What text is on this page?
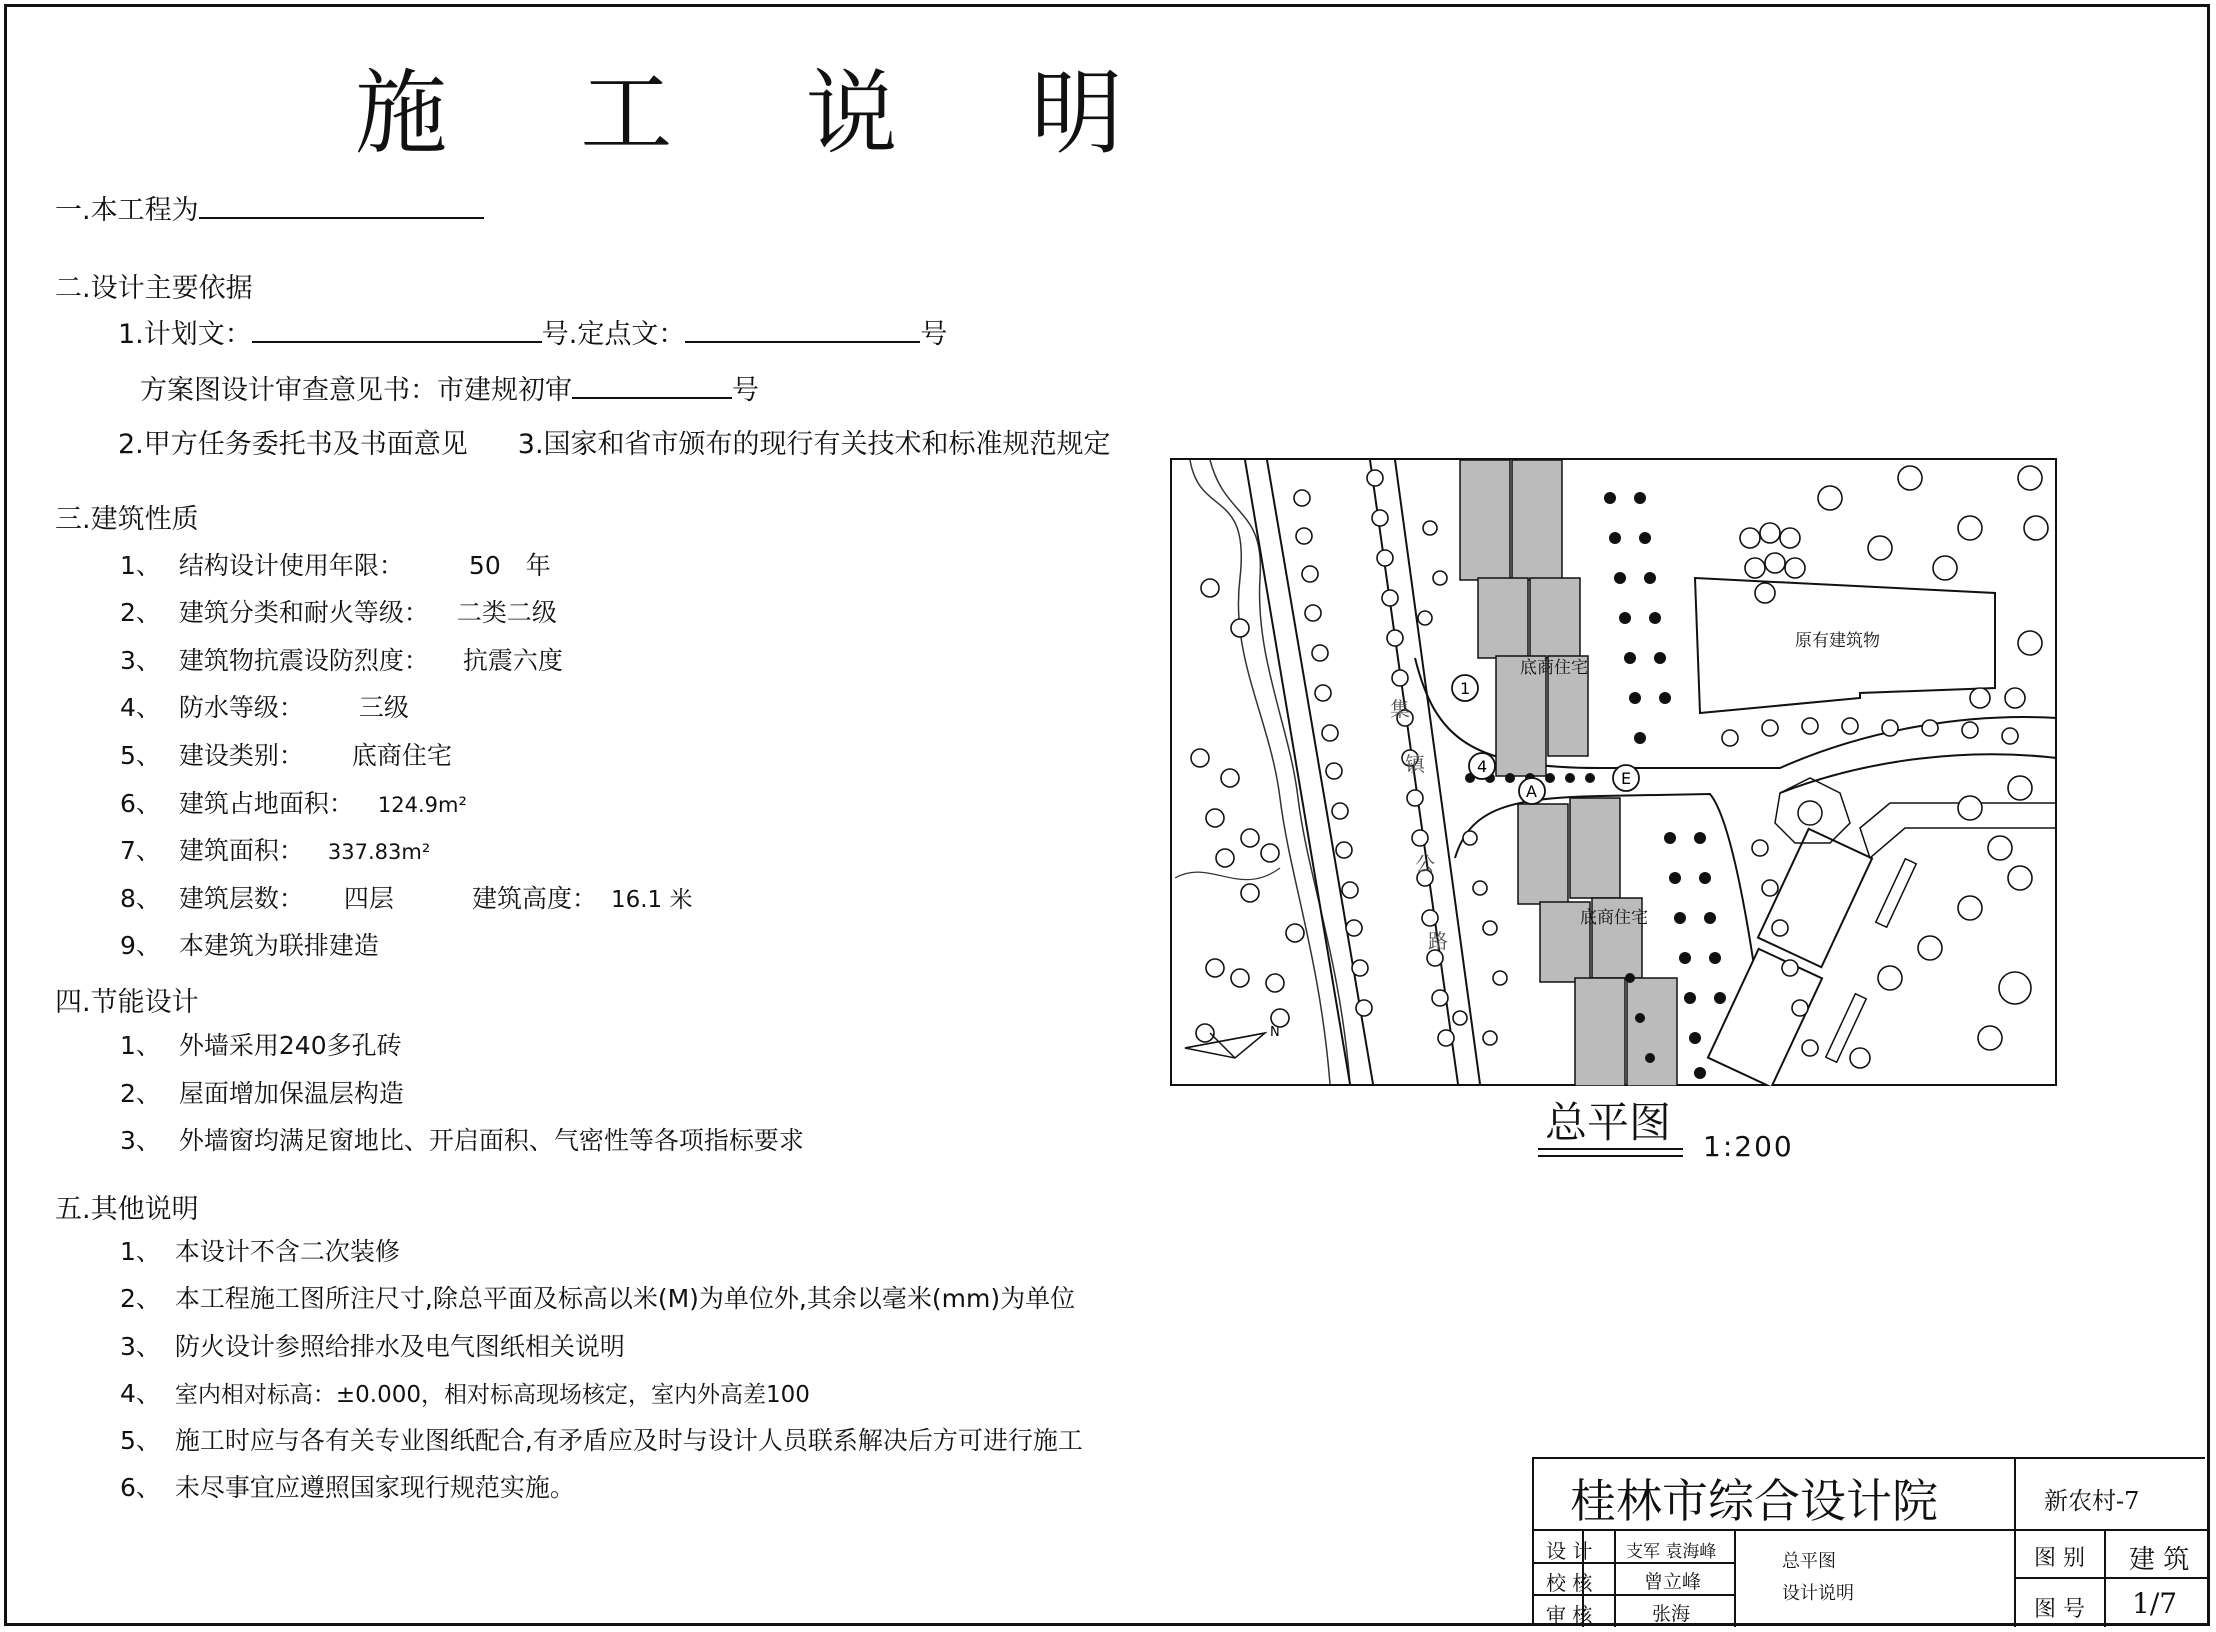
施 工 说 明
一.本工程为
二.设计主要依据
1.计划文：	号.定点文：	号
方案图设计审查意见书：市建规初审	号
2.甲方任务委托书及书面意见 3.国家和省市颁布的现行有关技术和标准规范规定
三.建筑性质
1、 结构设计使用年限：	50　年
2、 建筑分类和耐火等级： 二类二级
3、 建筑物抗震设防烈度： 抗震六度
4、 防水等级： 三级
5、 建设类别： 底商住宅
6、 建筑占地面积： 124.9m²
7、 建筑面积： 337.83m²
8、 建筑层数： 四层	建筑高度： 16.1 米
9、 本建筑为联排建造
四.节能设计
1、 外墙采用240多孔砖
2、 屋面增加保温层构造
3、 外墙窗均满足窗地比、开启面积、气密性等各项指标要求
五.其他说明
1、 本设计不含二次装修
2、 本工程施工图所注尺寸,除总平面及标高以米(M)为单位外,其余以毫米(mm)为单位
3、 防火设计参照给排水及电气图纸相关说明
4、 室内相对标高：±0.000，相对标高现场核定，室内外高差100
5、 施工时应与各有关专业图纸配合,有矛盾应及时与设计人员联系解决后方可进行施工
6、 未尽事宜应遵照国家现行规范实施。
集
镇
公
路
底商住宅
底商住宅
原有建筑物
1
4
A
E
N
总平图 1:200
桂林市综合设计院	新农村-7
设 计 支军 袁海峰
校 核	曾立峰
审 核	张海
总平图
设计说明
图 别 建 筑
图 号 1/7
